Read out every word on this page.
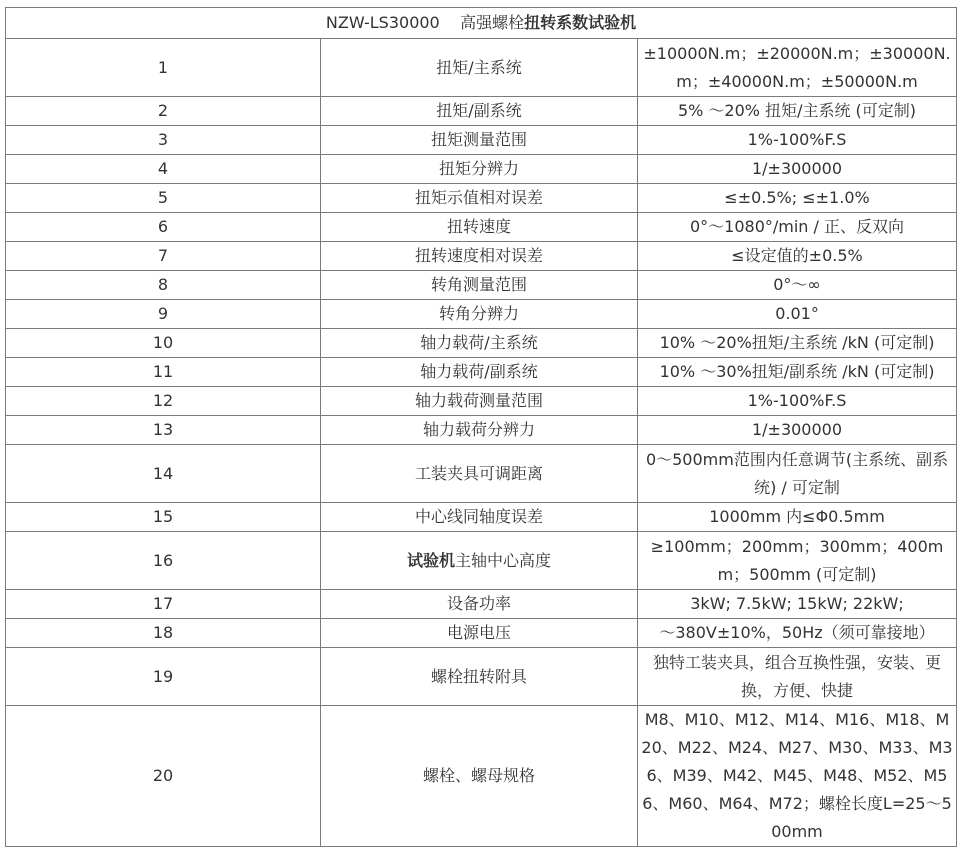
NZW-LS30000 高强螺栓扭转系数试验机		
1	扭矩/主系统	±10000N.m；±20000N.m；±30000N.m；±40000N.m；±50000N.m
2	扭矩/副系统	5% ～20% 扭矩/主系统 (可定制)
3	扭矩测量范围	1%-100%F.S
4	扭矩分辨力	1/±300000
5	扭矩示值相对误差	≤±0.5%; ≤±1.0%
6	扭转速度	0°～1080°/min / 正、反双向
7	扭转速度相对误差	≤设定值的±0.5%
8	转角测量范围	0°～∞
9	转角分辨力	0.01°
10	轴力载荷/主系统	10% ～20%扭矩/主系统 /kN (可定制)
11	轴力载荷/副系统	10% ～30%扭矩/副系统 /kN (可定制)
12	轴力载荷测量范围	1%-100%F.S
13	轴力载荷分辨力	1/±300000
14	工装夹具可调距离	0～500mm范围内任意调节(主系统、副系统) / 可定制
15	中心线同轴度误差	1000mm 内≤Φ0.5mm
16	试验机主轴中心高度	≥100mm；200mm；300mm；400mm；500mm (可定制)
17	设备功率	3kW; 7.5kW; 15kW; 22kW;
18	电源电压	～380V±10%，50Hz（须可靠接地）
19	螺栓扭转附具	独特工装夹具，组合互换性强，安装、更换，方便、快捷
20	螺栓、螺母规格	M8、M10、M12、M14、M16、M18、M20、M22、M24、M27、M30、M33、M36、M39、M42、M45、M48、M52、M56、M60、M64、M72；螺栓长度L=25～500mm
